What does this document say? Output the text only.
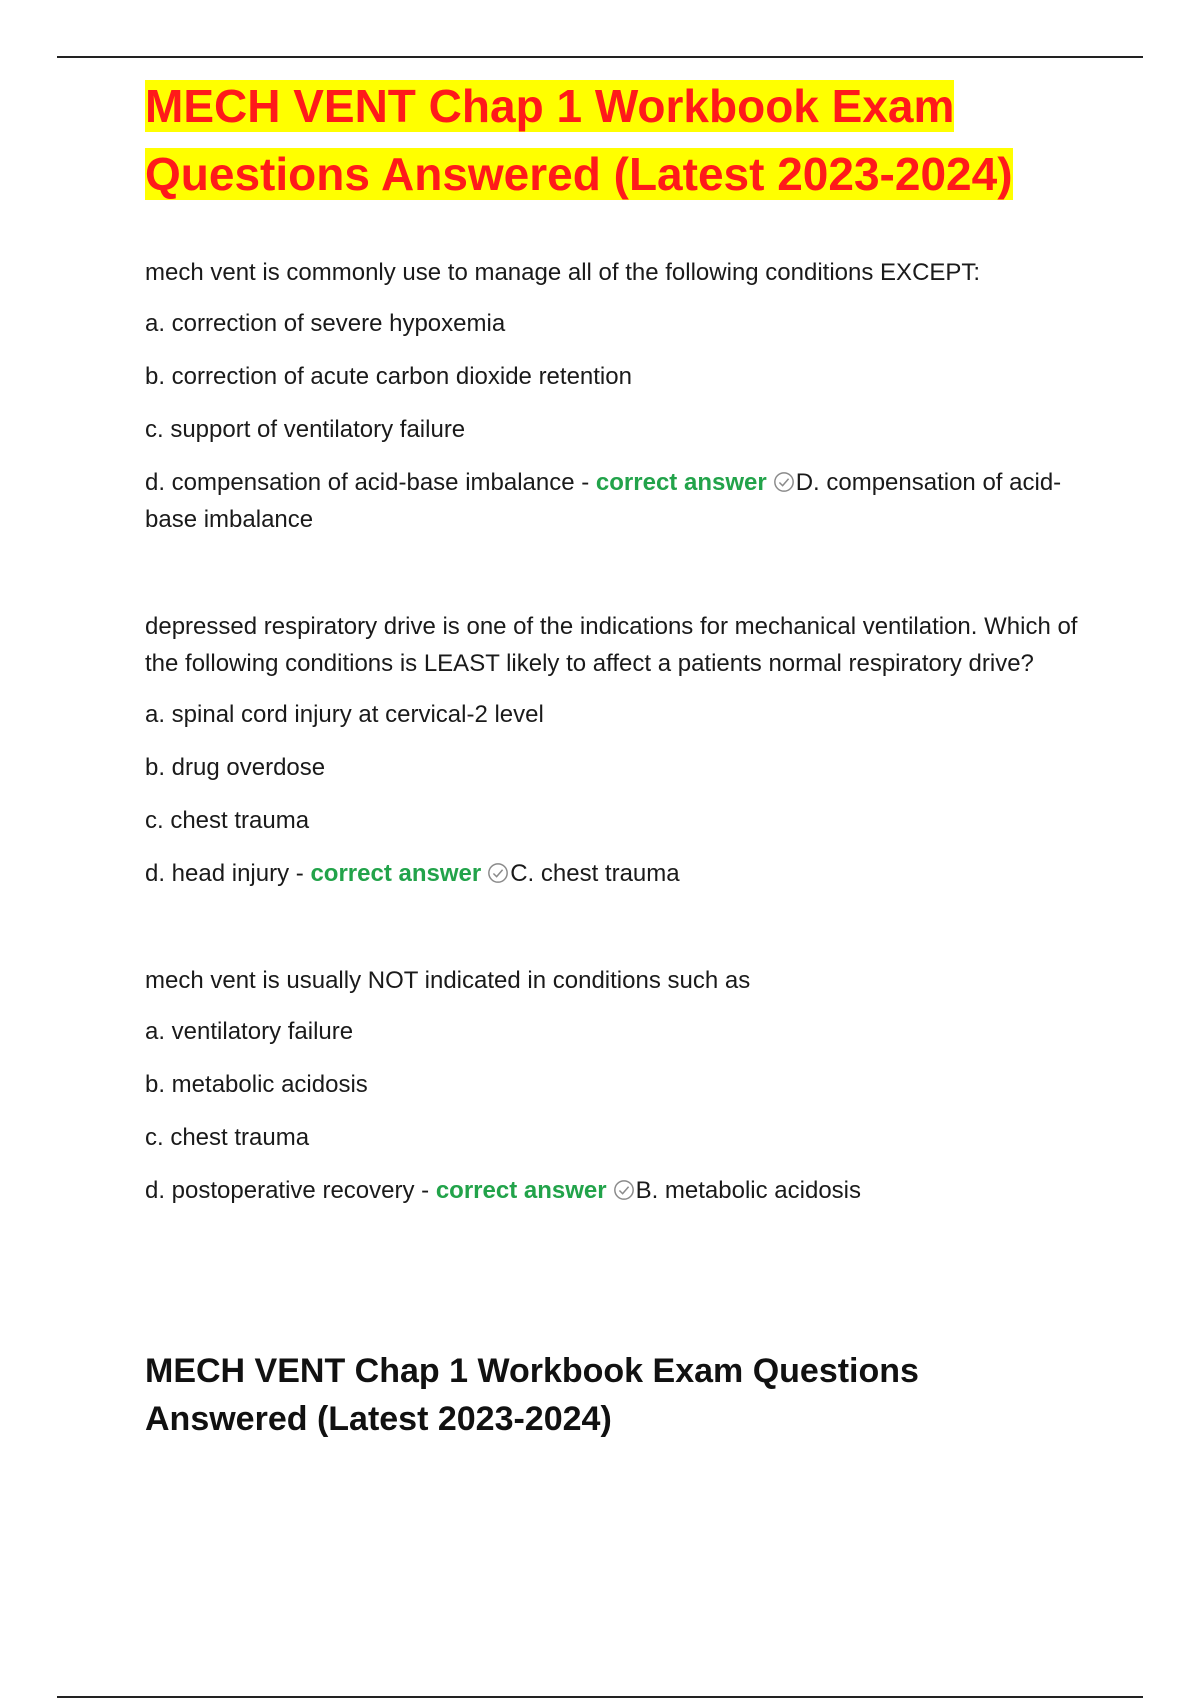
MECH VENT Chap 1 Workbook Exam
Questions Answered (Latest 2023-2024)

mech vent is commonly use to manage all of the following conditions EXCEPT:

a. correction of severe hypoxemia

b. correction of acute carbon dioxide retention

c. support of ventilatory failure

d. compensation of acid-base imbalance - correct answer D. compensation of acid-base imbalance

depressed respiratory drive is one of the indications for mechanical ventilation. Which of the following conditions is LEAST likely to affect a patients normal respiratory drive?

a. spinal cord injury at cervical-2 level

b. drug overdose

c. chest trauma

d. head injury - correct answer C. chest trauma

mech vent is usually NOT indicated in conditions such as

a. ventilatory failure

b. metabolic acidosis

c. chest trauma

d. postoperative recovery - correct answer B. metabolic acidosis

MECH VENT Chap 1 Workbook Exam Questions Answered (Latest 2023-2024)
